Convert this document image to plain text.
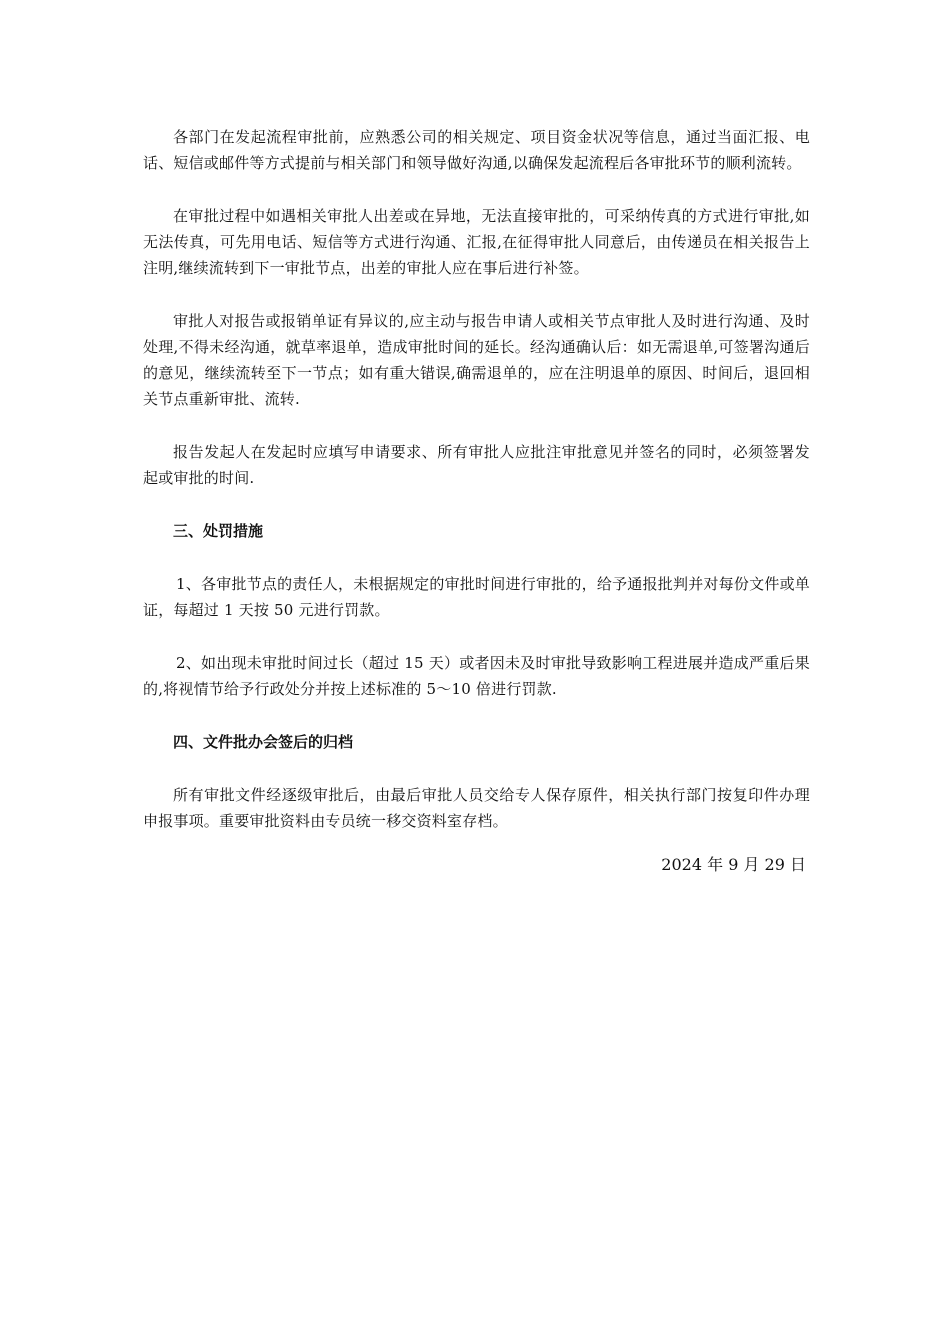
各部门在发起流程审批前，应熟悉公司的相关规定、项目资金状况等信息，通过当面汇报、电话、短信或邮件等方式提前与相关部门和领导做好沟通,以确保发起流程后各审批环节的顺利流转。

在审批过程中如遇相关审批人出差或在异地，无法直接审批的，可采纳传真的方式进行审批,如无法传真，可先用电话、短信等方式进行沟通、汇报,在征得审批人同意后，由传递员在相关报告上注明,继续流转到下一审批节点，出差的审批人应在事后进行补签。

审批人对报告或报销单证有异议的,应主动与报告申请人或相关节点审批人及时进行沟通、及时处理,不得未经沟通，就草率退单，造成审批时间的延长。经沟通确认后：如无需退单,可签署沟通后的意见，继续流转至下一节点；如有重大错误,确需退单的，应在注明退单的原因、时间后，退回相关节点重新审批、流转.

报告发起人在发起时应填写申请要求、所有审批人应批注审批意见并签名的同时，必须签署发起或审批的时间.

三、处罚措施

1、各审批节点的责任人，未根据规定的审批时间进行审批的，给予通报批判并对每份文件或单证，每超过 1 天按 50 元进行罚款。

2、如出现未审批时间过长（超过 15 天）或者因未及时审批导致影响工程进展并造成严重后果的,将视情节给予行政处分并按上述标准的 5～10 倍进行罚款.

四、文件批办会签后的归档

所有审批文件经逐级审批后，由最后审批人员交给专人保存原件，相关执行部门按复印件办理申报事项。重要审批资料由专员统一移交资料室存档。

2024 年 9 月 29 日
